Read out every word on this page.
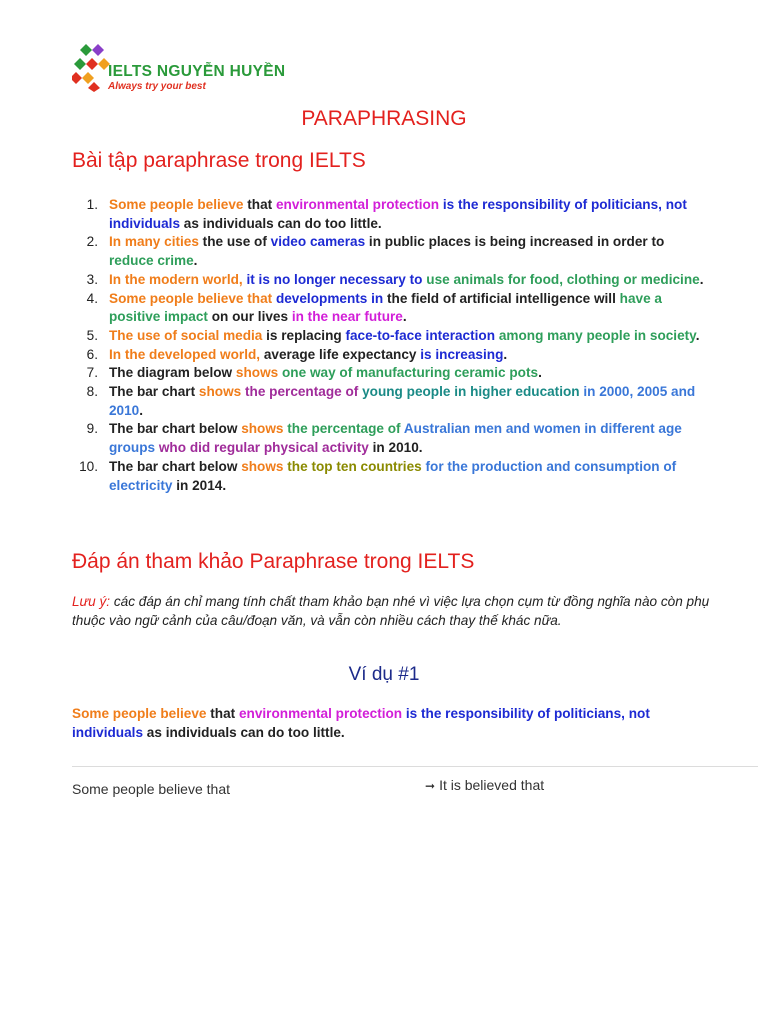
IELTS NGUYỄN HUYỀN
Always try your best
PARAPHRASING
Bài tập paraphrase trong IELTS
1. Some people believe that environmental protection is the responsibility of politicians, not individuals as individuals can do too little.
2. In many cities the use of video cameras in public places is being increased in order to reduce crime.
3. In the modern world, it is no longer necessary to use animals for food, clothing or medicine.
4. Some people believe that developments in the field of artificial intelligence will have a positive impact on our lives in the near future.
5. The use of social media is replacing face-to-face interaction among many people in society.
6. In the developed world, average life expectancy is increasing.
7. The diagram below shows one way of manufacturing ceramic pots.
8. The bar chart shows the percentage of young people in higher education in 2000, 2005 and 2010.
9. The bar chart below shows the percentage of Australian men and women in different age groups who did regular physical activity in 2010.
10. The bar chart below shows the top ten countries for the production and consumption of electricity in 2014.
Đáp án tham khảo Paraphrase trong IELTS
Lưu ý: các đáp án chỉ mang tính chất tham khảo bạn nhé vì việc lựa chọn cụm từ đồng nghĩa nào còn phụ thuộc vào ngữ cảnh của câu/đoạn văn, và vẫn còn nhiều cách thay thế khác nữa.
Ví dụ #1
Some people believe that environmental protection is the responsibility of politicians, not individuals as individuals can do too little.
Some people believe that	➞ It is believed that
